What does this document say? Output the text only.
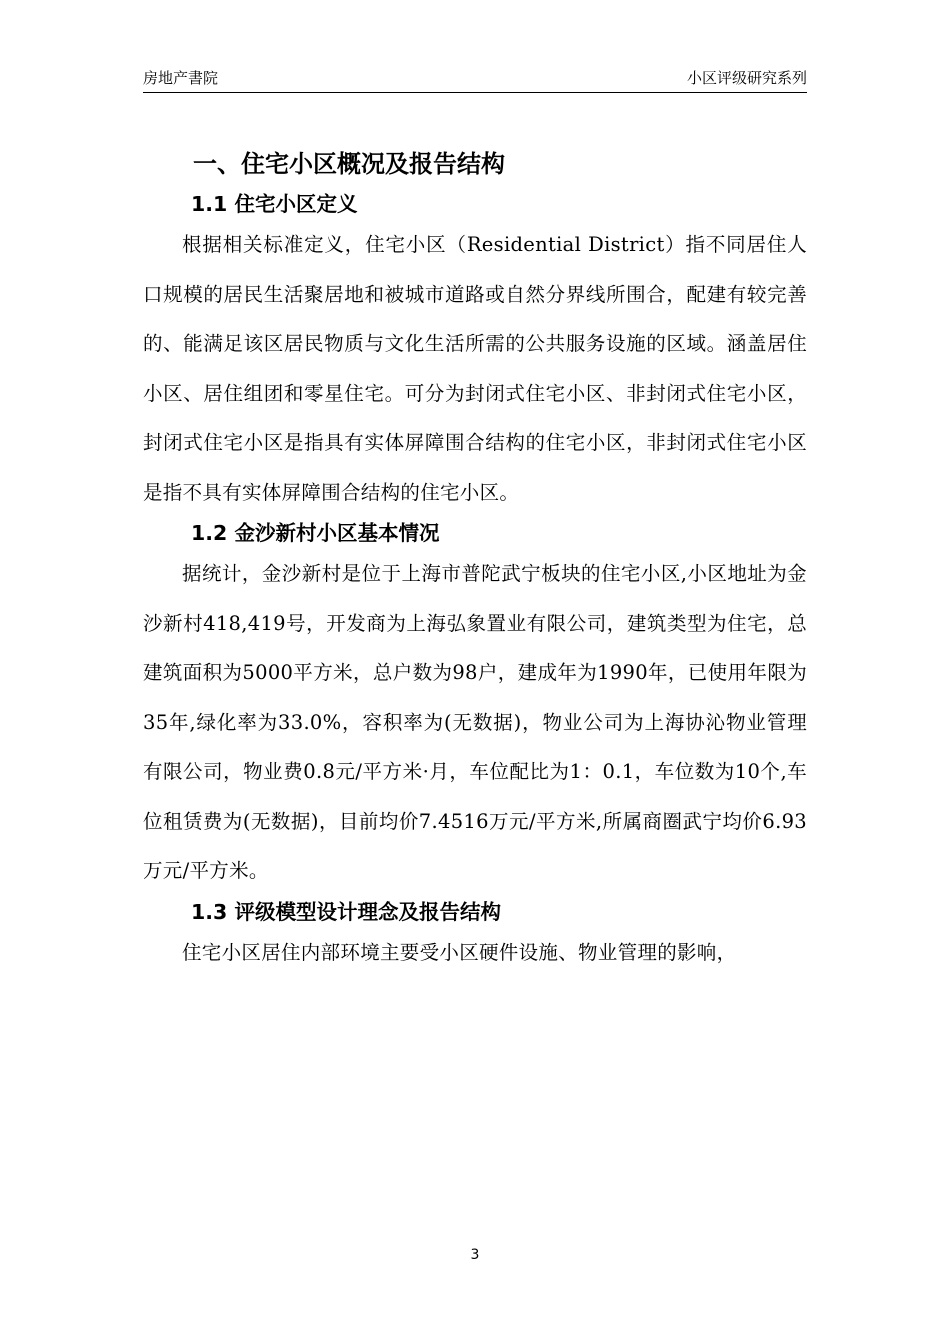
房地产書院	小区评级研究系列
一、住宅小区概况及报告结构
1.1 住宅小区定义

根据相关标准定义，住宅小区（Residential District）指不同居住人口规模的居民生活聚居地和被城市道路或自然分界线所围合，配建有较完善的、能满足该区居民物质与文化生活所需的公共服务设施的区域。涵盖居住小区、居住组团和零星住宅。可分为封闭式住宅小区、非封闭式住宅小区，封闭式住宅小区是指具有实体屏障围合结构的住宅小区，非封闭式住宅小区是指不具有实体屏障围合结构的住宅小区。

1.2 金沙新村小区基本情况

据统计，金沙新村是位于上海市普陀武宁板块的住宅小区,小区地址为金沙新村418,419号，开发商为上海弘象置业有限公司，建筑类型为住宅，总建筑面积为5000平方米，总户数为98户，建成年为1990年，已使用年限为35年,绿化率为33.0%，容积率为(无数据)，物业公司为上海协沁物业管理有限公司，物业费0.8元/平方米·月，车位配比为1：0.1，车位数为10个,车位租赁费为(无数据)，目前均价7.4516万元/平方米,所属商圈武宁均价6.93万元/平方米。

1.3 评级模型设计理念及报告结构

住宅小区居住内部环境主要受小区硬件设施、物业管理的影响，

3
